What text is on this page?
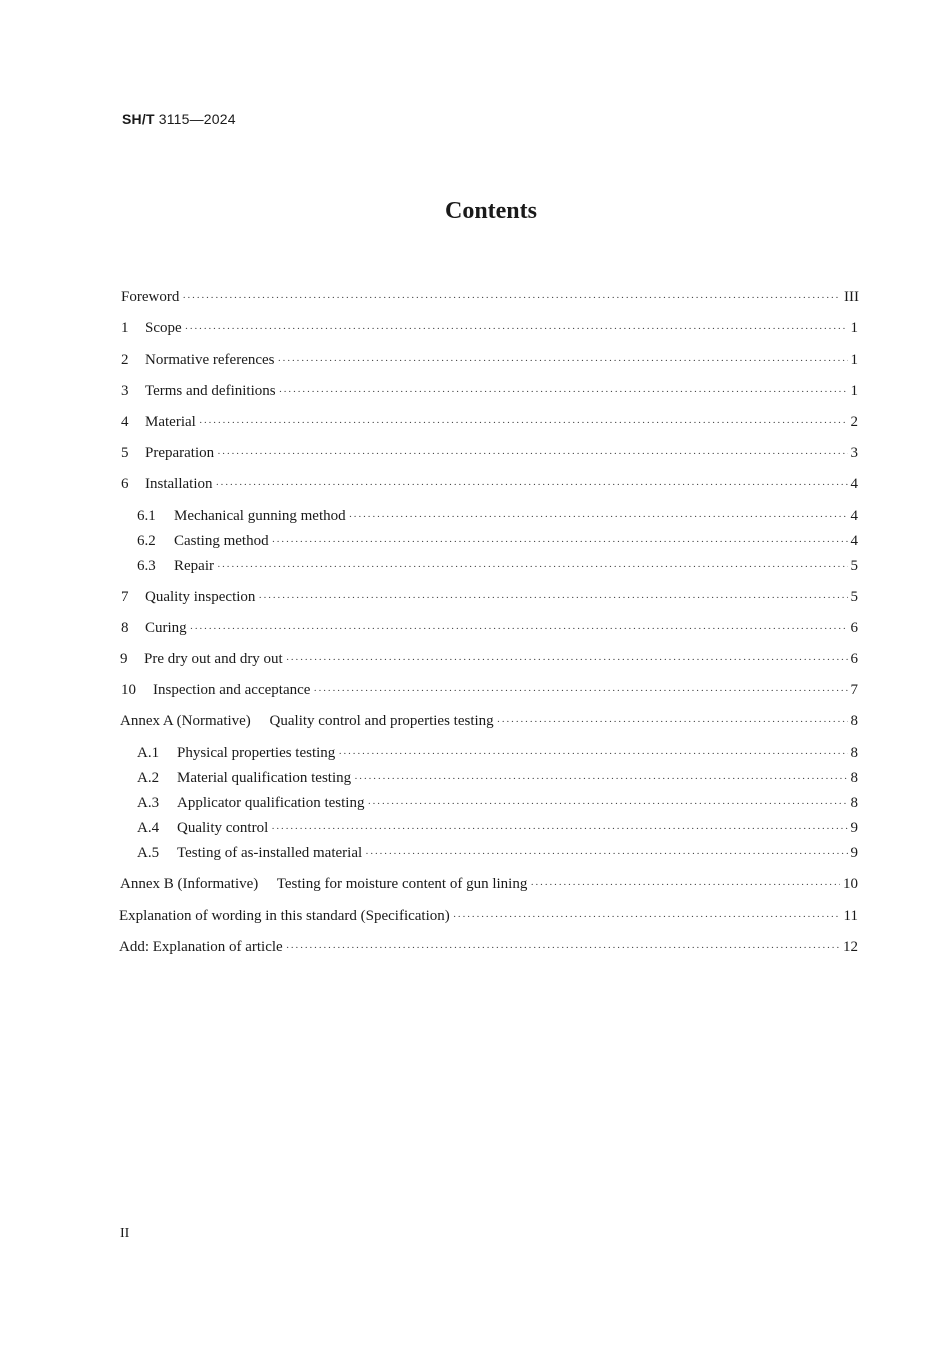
SH/T 3115—2024
Contents
Foreword ·····	III
1	Scope ·····	1
2	Normative references ·····	1
3	Terms and definitions ·····	1
4	Material ·····	2
5	Preparation ·····	3
6	Installation ·····	4
6.1	Mechanical gunning method ·····	4
6.2	Casting method ·····	4
6.3	Repair ·····	5
7	Quality inspection ·····	5
8	Curing ·····	6
9	Pre dry out and dry out ·····	6
10	Inspection and acceptance ·····	7
Annex A (Normative)  Quality control and properties testing ·····	8
A.1	Physical properties testing ·····	8
A.2	Material qualification testing ·····	8
A.3	Applicator qualification testing ·····	8
A.4	Quality control ·····	9
A.5	Testing of as-installed material ·····	9
Annex B (Informative)  Testing for moisture content of gun lining ·····	10
Explanation of wording in this standard (Specification) ·····	11
Add: Explanation of article ·····	12
II
